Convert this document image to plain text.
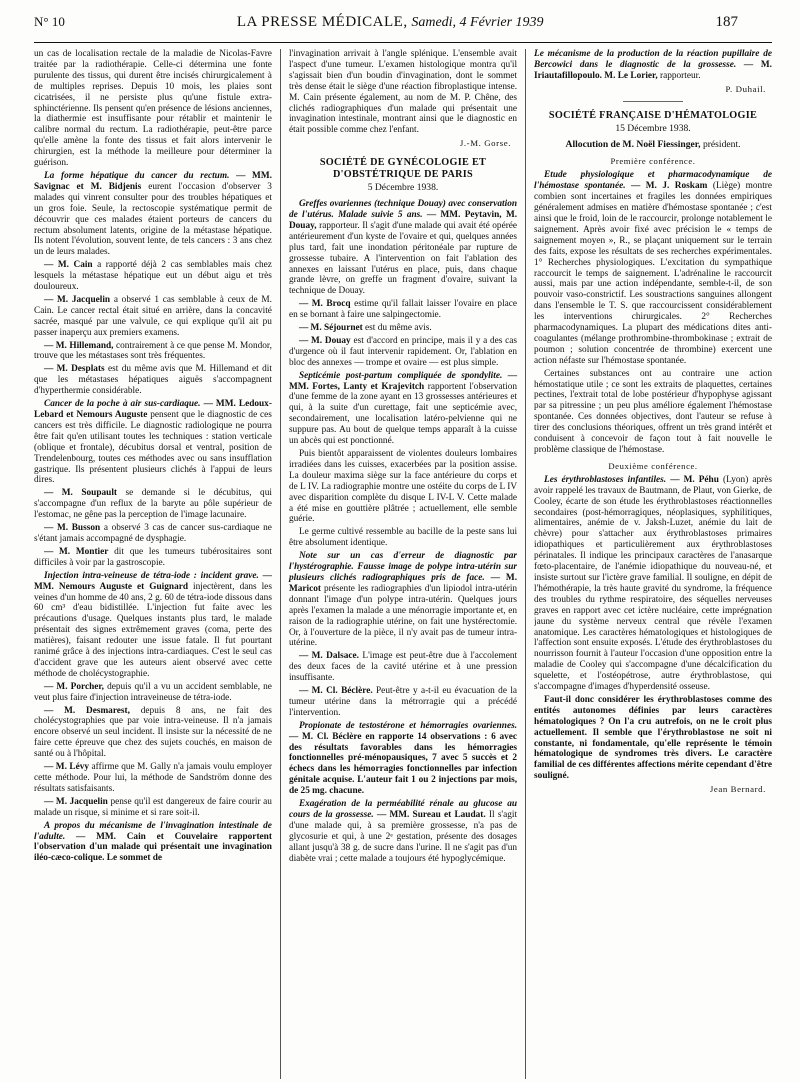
N° 10	LA PRESSE MÉDICALE, Samedi, 4 Février 1939	187

un cas de localisation rectale de la maladie de Nicolas-Favre traitée par la radiothérapie. Celle-ci détermina une fonte purulente des tissus, qui durent être incisés chirurgicalement à de multiples reprises. Depuis 10 mois, les plaies sont cicatrisées, il ne persiste plus qu'une fistule extra-sphinctérienne. Ils pensent qu'en présence de lésions anciennes, la diathermie est insuffisante pour rétablir et maintenir le calibre normal du rectum. La radiothérapie, peut-être parce qu'elle amène la fonte des tissus et fait alors intervenir le chirurgien, est la méthode la meilleure pour déterminer la guérison.

La forme hépatique du cancer du rectum. — MM. Savignac et M. Bidjenis eurent l'occasion d'observer 3 malades qui vinrent consulter pour des troubles hépatiques et un gros foie. Seule, la rectoscopie systématique permit de découvrir que ces malades étaient porteurs de cancers du rectum absolument latents, origine de la métastase hépatique. Ils notent l'évolution, souvent lente, de tels cancers : 3 ans chez un de leurs malades.

— M. Cain a rapporté déjà 2 cas semblables mais chez lesquels la métastase hépatique eut un début aigu et très douloureux.

— M. Jacquelin a observé 1 cas semblable à ceux de M. Cain. Le cancer rectal était situé en arrière, dans la concavité sacrée, masqué par une valvule, ce qui explique qu'il ait pu passer inaperçu aux premiers examens.

— M. Hillemand, contrairement à ce que pense M. Mondor, trouve que les métastases sont très fréquentes.

— M. Desplats est du même avis que M. Hillemand et dit que les métastases hépatiques aiguës s'accompagnent d'hyperthermie considérable.

Cancer de la poche à air sus-cardiaque. — MM. Ledoux-Lebard et Nemours Auguste pensent que le diagnostic de ces cancers est très difficile. Le diagnostic radiologique ne pourra être fait qu'en utilisant toutes les techniques : station verticale (oblique et frontale), décubitus dorsal et ventral, position de Trendelenbourg, toutes ces méthodes avec ou sans insufflation gastrique. Ils présentent plusieurs clichés à l'appui de leurs dires.

— M. Soupault se demande si le décubitus, qui s'accompagne d'un reflux de la baryte au pôle supérieur de l'estomac, ne gêne pas la perception de l'image lacunaire.

— M. Busson a observé 3 cas de cancer sus-cardiaque ne s'étant jamais accompagné de dysphagie.

— M. Montier dit que les tumeurs tubérositaires sont difficiles à voir par la gastroscopie.

Injection intra-veineuse de tétra-iode : incident grave. — MM. Nemours Auguste et Guignard injectèrent, dans les veines d'un homme de 40 ans, 2 g. 60 de tétra-iode dissous dans 60 cm³ d'eau bidistillée. L'injection fut faite avec les précautions d'usage. Quelques instants plus tard, le malade présentait des signes extrêmement graves (coma, perte des matières), faisant redouter une issue fatale. Il fut pourtant ranimé grâce à des injections intra-cardiaques. C'est le seul cas d'accident grave que les auteurs aient observé avec cette méthode de cholécystographie.

— M. Porcher, depuis qu'il a vu un accident semblable, ne veut plus faire d'injection intraveineuse de tétra-iode.

— M. Desmarest, depuis 8 ans, ne fait des cholécystographies que par voie intra-veineuse. Il n'a jamais encore observé un seul incident. Il insiste sur la nécessité de ne faire cette épreuve que chez des sujets couchés, en maison de santé ou à l'hôpital.

— M. Lévy affirme que M. Gally n'a jamais voulu employer cette méthode. Pour lui, la méthode de Sandström donne des résultats satisfaisants.

— M. Jacquelin pense qu'il est dangereux de faire courir au malade un risque, si minime et si rare soit-il.

A propos du mécanisme de l'invagination intestinale de l'adulte. — MM. Cain et Couvelaire rapportent l'observation d'un malade qui présentait une invagination iléo-cæco-colique. Le sommet de

l'invagination arrivait à l'angle splénique. L'ensemble avait l'aspect d'une tumeur. L'examen histologique montra qu'il s'agissait bien d'un boudin d'invagination, dont le sommet très dense était le siège d'une réaction fibroplastique intense. M. Cain présente également, au nom de M. P. Chêne, des clichés radiographiques d'un malade qui présentait une invagination intestinale, montrant ainsi que le diagnostic en était possible comme chez l'enfant.

J.-M. Gorse.
SOCIÉTÉ DE GYNÉCOLOGIE ET D'OBSTÉTRIQUE DE PARIS
5 Décembre 1938.

Greffes ovariennes (technique Douay) avec conservation de l'utérus. Malade suivie 5 ans. — MM. Peytavin, M. Douay, rapporteur. Il s'agit d'une malade qui avait été opérée antérieurement d'un kyste de l'ovaire et qui, quelques années plus tard, fait une inondation péritonéale par rupture de grossesse tubaire. A l'intervention on fait l'ablation des annexes en laissant l'utérus en place, puis, dans chaque grande lèvre, on greffe un fragment d'ovaire, suivant la technique de Douay.

— M. Brocq estime qu'il fallait laisser l'ovaire en place en se bornant à faire une salpingectomie.

— M. Séjournet est du même avis.

— M. Douay est d'accord en principe, mais il y a des cas d'urgence où il faut intervenir rapidement. Or, l'ablation en bloc des annexes — trompe et ovaire — est plus simple.

Septicémie post-partum compliquée de spondylite. — MM. Fortes, Lanty et Krajevitch rapportent l'observation d'une femme de la zone ayant en 13 grossesses antérieures et qui, à la suite d'un curettage, fait une septicémie avec, secondairement, une localisation latéro-pelvienne qui ne suppure pas. Au bout de quelque temps apparaît à la cuisse un abcès qui est ponctionné.

Puis bientôt apparaissent de violentes douleurs lombaires irradiées dans les cuisses, exacerbées par la position assise. La douleur maxima siège sur la face antérieure du corps et de L IV. La radiographie montre une ostéite du corps de L IV avec disparition complète du disque L IV-L V. Cette malade a été mise en gouttière plâtrée ; actuellement, elle semble guérie.

Le germe cultivé ressemble au bacille de la peste sans lui être absolument identique.

Note sur un cas d'erreur de diagnostic par l'hystérographie. Fausse image de polype intra-utérin sur plusieurs clichés radiographiques pris de face. — M. Maricot présente les radiographies d'un lipiodol intra-utérin donnant l'image d'un polype intra-utérin. Quelques jours après l'examen la malade a une ménorragie importante et, en raison de la radiographie utérine, on fait une hystérectomie. Or, à l'ouverture de la pièce, il n'y avait pas de tumeur intra-utérine.

— M. Dalsace. L'image est peut-être due à l'accolement des deux faces de la cavité utérine et à une pression insuffisante.

— M. Cl. Béclère. Peut-être y a-t-il eu évacuation de la tumeur utérine dans la métrorragie qui a précédé l'intervention.

Propionate de testostérone et hémorragies ovariennes. — M. Cl. Béclère en rapporte 14 observations : 6 avec des résultats favorables dans les hémorragies fonctionnelles pré-ménopausiques, 7 avec 5 succès et 2 échecs dans les hémorragies fonctionnelles par infection génitale acquise. L'auteur fait 1 ou 2 injections par mois, de 25 mg. chacune.

Exagération de la perméabilité rénale au glucose au cours de la grossesse. — MM. Sureau et Laudat. Il s'agit d'une malade qui, à sa première grossesse, n'a pas de glycosurie et qui, à une 2ᵉ gestation, présente des dosages allant jusqu'à 38 g. de sucre dans l'urine. Il ne s'agit pas d'un diabète vrai ; cette malade a toujours été hypoglycémique.

Le mécanisme de la production de la réaction pupillaire de Bercowici dans le diagnostic de la grossesse. — M. Iriautafillopoulo. M. Le Lorier, rapporteur.

P. Duhail.
SOCIÉTÉ FRANÇAISE D'HÉMATOLOGIE
15 Décembre 1938.
Allocution de M. Noël Fiessinger, président.
Première conférence.

Etude physiologique et pharmacodynamique de l'hémostase spontanée. — M. J. Roskam (Liège) montre combien sont incertaines et fragiles les données empiriques généralement admises en matière d'hémostase spontanée ; c'est ainsi que le froid, loin de le raccourcir, prolonge notablement le saignement. Après avoir fixé avec précision le « temps de saignement moyen », R., se plaçant uniquement sur le terrain des faits, expose les résultats de ses recherches expérimentales. 1° Recherches physiologiques. L'excitation du sympathique raccourcit le temps de saignement. L'adrénaline le raccourcit aussi, mais par une action indépendante, semble-t-il, de son pouvoir vaso-constrictif. Les soustractions sanguines allongent dans l'ensemble le T. S. que raccourcissent considérablement les interventions chirurgicales. 2° Recherches pharmacodynamiques. La plupart des médications dites anti-coagulantes (mélange prothrombine-thrombokinase ; extrait de poumon ; solution concentrée de thrombine) exercent une action néfaste sur l'hémostase spontanée.

Certaines substances ont au contraire une action hémostatique utile ; ce sont les extraits de plaquettes, certaines pectines, l'extrait total de lobe postérieur d'hypophyse agissant par sa pitressine ; un peu plus améliore également l'hémostase spontanée. Ces données objectives, dont l'auteur se refuse à tirer des conclusions théoriques, offrent un très grand intérêt et conduisent à concevoir de façon tout à fait nouvelle le problème classique de l'hémostase.

Deuxième conférence.

Les érythroblastoses infantiles. — M. Péhu (Lyon) après avoir rappelé les travaux de Bautmann, de Plaut, von Gierke, de Cooley, écarte de son étude les érythroblastoses réactionnelles secondaires (post-hémorragiques, néoplasiques, syphilitiques, alimentaires, anémie de v. Jaksh-Luzet, anémie du lait de chèvre) pour s'attacher aux érythroblastoses primaires idiopathiques et particulièrement aux érythroblastoses périnatales. Il indique les principaux caractères de l'anasarque fœto-placentaire, de l'anémie idiopathique du nouveau-né, et insiste surtout sur l'ictère grave familial. Il souligne, en dépit de l'hémothérapie, la très haute gravité du syndrome, la fréquence des troubles du rythme respiratoire, des séquelles nerveuses graves en rapport avec cet ictère nucléaire, cette imprégnation jaune du système nerveux central que révèle l'examen anatomique. Les caractères hématologiques et histologiques de l'affection sont ensuite exposés. L'étude des érythroblastoses du nourrisson fournit à l'auteur l'occasion d'une opposition entre la maladie de Cooley qui s'accompagne d'une décalcification du squelette, et l'ostéopétrose, autre érythroblastose, qui s'accompagne d'images d'hyperdensité osseuse.

Faut-il donc considérer les érythroblastoses comme des entités autonomes définies par leurs caractères hématologiques ? On l'a cru autrefois, on ne le croit plus actuellement. Il semble que l'érythroblastose ne soit ni constante, ni fondamentale, qu'elle représente le témoin hématologique de syndromes très divers. Le caractère familial de ces différentes affections mérite cependant d'être souligné.

Jean Bernard.
